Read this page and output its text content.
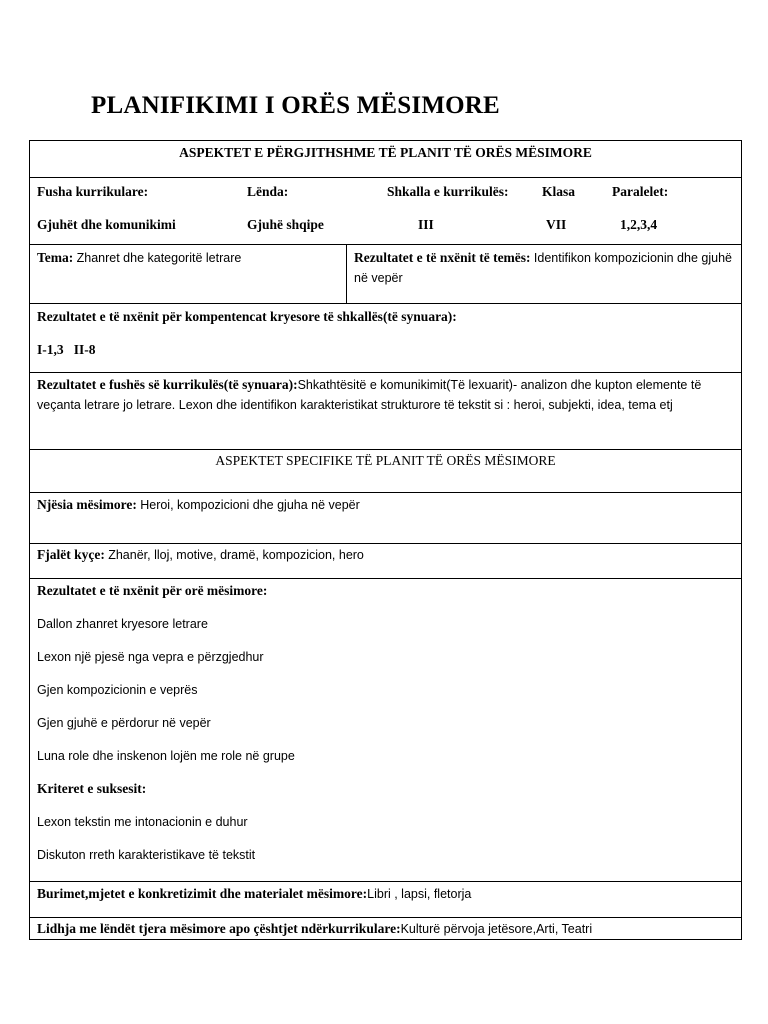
PLANIFIKIMI I ORËS MËSIMORE
ASPEKTET E PËRGJITHSHME TË PLANIT TË ORËS MËSIMORE

Fusha kurrikulare:	Lënda:	Shkalla e kurrikulës:	Klasa	Paralelet:
Gjuhët dhe komunikimi	Gjuhë shqipe	III	VII	1,2,3,4

Tema: Zhanret dhe kategoritë letrare	Rezultatet e të nxënit të temës: Identifikon kompozicionin dhe gjuhë në vepër

Rezultatet e të nxënit për kompentencat kryesore të shkallës(të synuara):
I-1,3   II-8

Rezultatet e fushës së kurrikulës(të synuara):Shkathtësitë e komunikimit(Të lexuarit)- analizon dhe kupton elemente të veçanta letrare jo letrare. Lexon dhe identifikon karakteristikat strukturore të tekstit si : heroi, subjekti, idea, tema etj
ASPEKTET SPECIFIKE TË PLANIT TË ORËS MËSIMORE
Njësia mësimore: Heroi, kompozicioni dhe gjuha në vepër
Fjalët kyçe: Zhanër, lloj, motive, dramë, kompozicion, hero

Rezultatet e të nxënit për orë mësimore:
Dallon zhanret kryesore letrare
Lexon një pjesë nga vepra e përzgjedhur
Gjen kompozicionin e veprës
Gjen gjuhë e përdorur në vepër
Luna role dhe inskenon lojën me role në grupe
Kriteret e suksesit:
Lexon tekstin me intonacionin e duhur
Diskuton rreth karakteristikave të tekstit

Burimet,mjetet e konkretizimit dhe materialet mësimore:Libri , lapsi, fletorja
Lidhja me lëndët tjera mësimore apo çështjet ndërkurrikulare:Kulturë përvoja jetësore,Arti, Teatri
